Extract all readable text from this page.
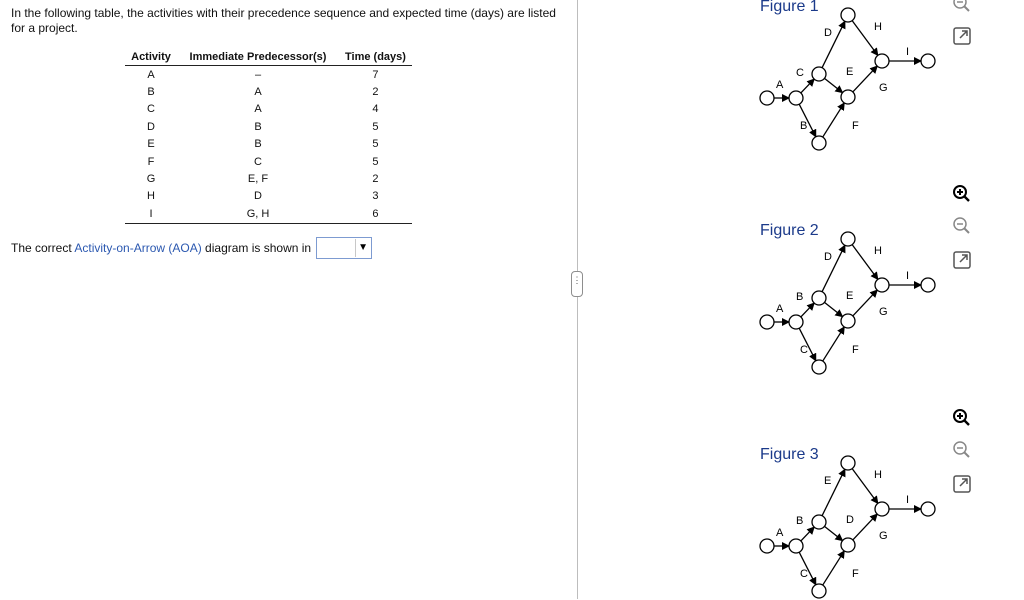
In the following table, the activities with their precedence sequence and expected time (days) are listed for a project.
Activity	Immediate Predecessor(s)	Time (days)
A	–	7
B	A	2
C	A	4
D	B	5
E	B	5
F	C	5
G	E, F	2
H	D	3
I	G, H	6
The correct Activity-on-Arrow (AOA) diagram is shown in	▼
⋮
Figure 1
A
C
B
D
E
F
G
H
I
Figure 2
A
B
C
D
E
F
G
H
I
Figure 3
A
B
C
E
D
F
G
H
I
